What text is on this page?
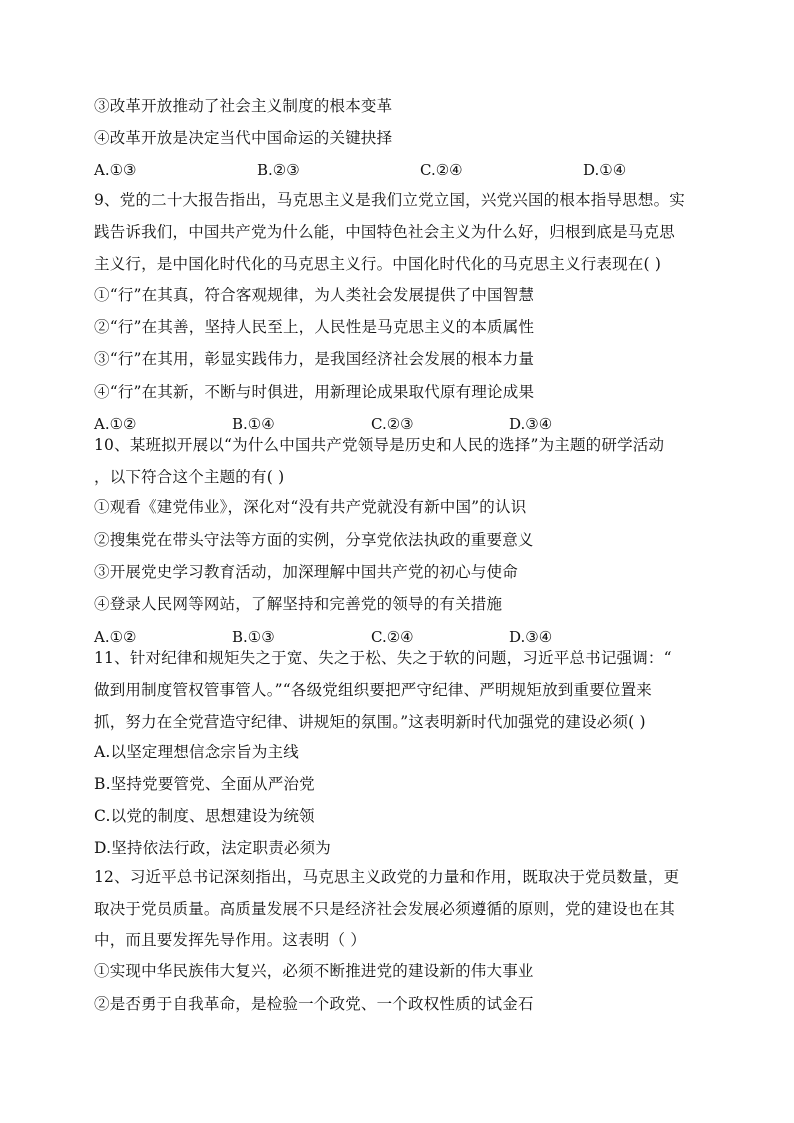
③改革开放推动了社会主义制度的根本变革
④改革开放是决定当代中国命运的关键抉择
A.①③	B.②③	C.②④	D.①④
9、党的二十大报告指出，马克思主义是我们立党立国，兴党兴国的根本指导思想。实
践告诉我们，中国共产党为什么能，中国特色社会主义为什么好，归根到底是马克思
主义行，是中国化时代化的马克思主义行。中国化时代化的马克思主义行表现在( )
①“行”在其真，符合客观规律，为人类社会发展提供了中国智慧
②“行”在其善，坚持人民至上，人民性是马克思主义的本质属性
③“行”在其用，彰显实践伟力，是我国经济社会发展的根本力量
④“行”在其新，不断与时俱进，用新理论成果取代原有理论成果
A.①②	B.①④	C.②③	D.③④
10、某班拟开展以“为什么中国共产党领导是历史和人民的选择”为主题的研学活动
，以下符合这个主题的有( )
①观看《建党伟业》，深化对“没有共产党就没有新中国”的认识
②搜集党在带头守法等方面的实例，分享党依法执政的重要意义
③开展党史学习教育活动，加深理解中国共产党的初心与使命
④登录人民网等网站，了解坚持和完善党的领导的有关措施
A.①②	B.①③	C.②④	D.③④
11、针对纪律和规矩失之于宽、失之于松、失之于软的问题，习近平总书记强调：“
做到用制度管权管事管人。”“各级党组织要把严守纪律、严明规矩放到重要位置来
抓，努力在全党营造守纪律、讲规矩的氛围。”这表明新时代加强党的建设必须( )
A.以坚定理想信念宗旨为主线
B.坚持党要管党、全面从严治党
C.以党的制度、思想建设为统领
D.坚持依法行政，法定职责必须为
12、习近平总书记深刻指出，马克思主义政党的力量和作用，既取决于党员数量，更
取决于党员质量。高质量发展不只是经济社会发展必须遵循的原则，党的建设也在其
中，而且要发挥先导作用。这表明（ ）
①实现中华民族伟大复兴，必须不断推进党的建设新的伟大事业
②是否勇于自我革命，是检验一个政党、一个政权性质的试金石
